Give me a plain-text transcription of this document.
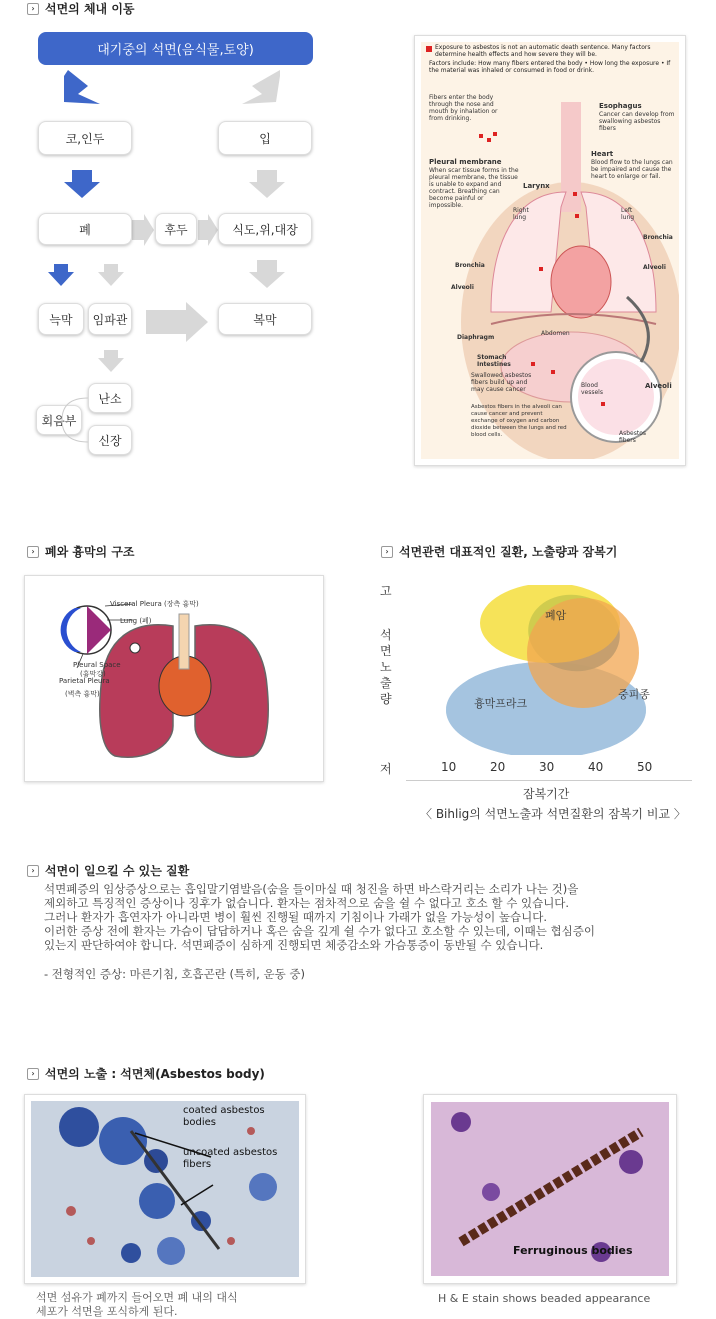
› 석면의 체내 이동
대기중의 석면(음식물,토양)
코,인두	입
폐	후두	식도,위,대장
늑막 임파관	복막
난소
회음부
신장
Exposure to asbestos is not an automatic death sentence. Many factors determine health effects and how severe they will be.
Factors include: How many fibers entered the body • How long the exposure • If the material was inhaled or consumed in food or drink.
Fibers enter the body through the nose and mouth by inhalation or from drinking.
Esophagus
Cancer can develop from swallowing asbestos fibers
Heart
Blood flow to the lungs can be impaired and cause the heart to enlarge or fail.
Pleural membrane
When scar tissue forms in the pleural membrane, the tissue is unable to expand and contract. Breathing can become painful or impossible.
Larynx
Right lung
Left lung
Bronchia
Bronchia	Alveoli
Alveoli
Diaphragm
Abdomen
Stomach Intestines
Swallowed asbestos fibers build up and may cause cancer
Blood vessels
Alveoli
Asbestos fibers
Asbestos fibers in the alveoli can cause cancer and prevent exchange of oxygen and carbon dioxide between the lungs and red blood cells.
› 폐와 흉막의 구조
Visceral Pleura (장측 흉막)
Lung (폐)
Pleural Space
(흉막강)
Parietal Pleura
(벽측 흉막)
› 석면관련 대표적인 질환, 노출량과 잠복기
고
석면노출량
저
석면폐
폐암
흉막프라크
중피종
10	20	30	40	50
잠복기간
〈 Bihlig의 석면노출과 석면질환의 잠복기 비교 〉
› 석면이 일으킬 수 있는 질환
석면폐증의 임상증상으로는 흡입말기염발음(숨을 들이마실 때 청진을 하면 바스락거리는 소리가 나는 것)을
제외하고 특징적인 증상이나 징후가 없습니다. 환자는 점차적으로 숨을 쉴 수 없다고 호소 할 수 있습니다.
그러나 환자가 흡연자가 아니라면 병이 훨씬 진행될 때까지 기침이나 가래가 없을 가능성이 높습니다.
이러한 증상 전에 환자는 가슴이 답답하거나 혹은 숨을 깊게 쉴 수가 없다고 호소할 수 있는데, 이때는 협심증이
있는지 판단하여야 합니다. 석면폐증이 심하게 진행되면 체중감소와 가슴통증이 동반될 수 있습니다.
- 전형적인 증상: 마른기침, 호흡곤란 (특히, 운동 중)
› 석면의 노출 : 석면체(Asbestos body)
coated asbestos bodies
uncoated asbestos fibers
석면 섬유가 폐까지 들어오면 폐 내의 대식
세포가 석면을 포식하게 된다.
Ferruginous bodies
H & E stain shows beaded appearance
